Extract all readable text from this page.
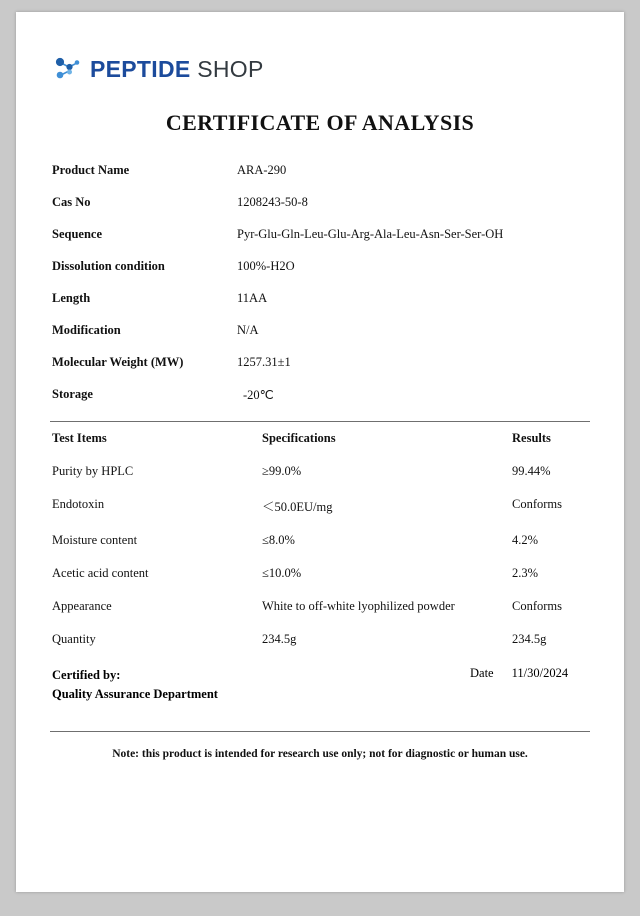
PEPTIDE SHOP
CERTIFICATE OF ANALYSIS
Product Name	ARA-290
Cas No	1208243-50-8
Sequence	Pyr-Glu-Gln-Leu-Glu-Arg-Ala-Leu-Asn-Ser-Ser-OH
Dissolution condition	100%-H2O
Length	11AA
Modification	N/A
Molecular Weight (MW)	1257.31±1
Storage	-20℃
Test Items	Specifications	Results
Purity by HPLC	≥99.0%	99.44%
Endotoxin	＜50.0EU/mg	Conforms
Moisture content	≤8.0%	4.2%
Acetic acid content	≤10.0%	2.3%
Appearance	White to off-white lyophilized powder	Conforms
Quantity	234.5g	234.5g
Certified by:
Quality Assurance Department
Date 11/30/2024
Note: this product is intended for research use only; not for diagnostic or human use.
